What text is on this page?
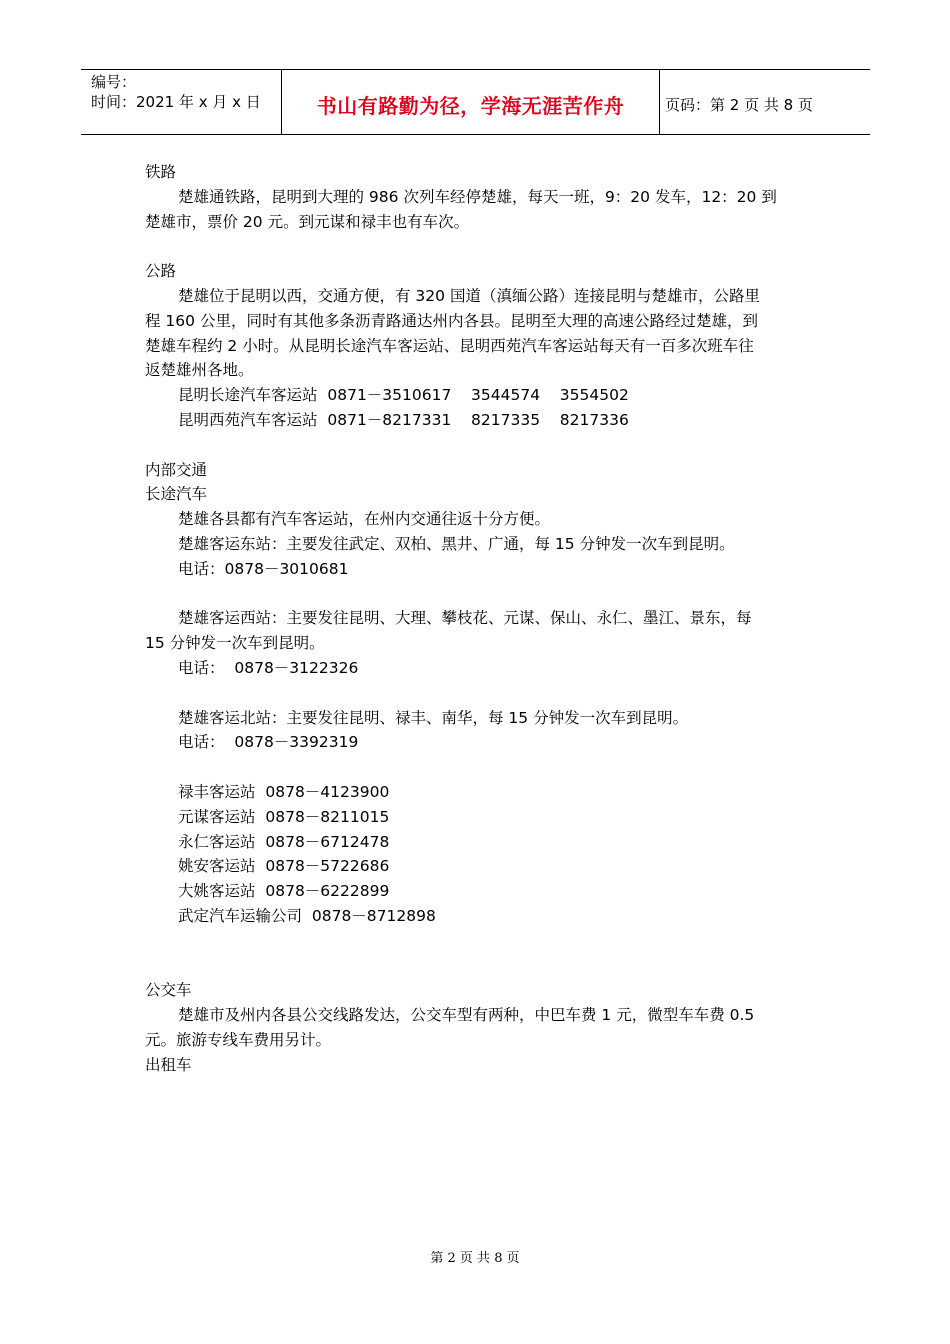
编号：
时间：2021 年 x 月 x 日	书山有路勤为径，学海无涯苦作舟	页码：第 2 页 共 8 页
铁路
楚雄通铁路，昆明到大理的 986 次列车经停楚雄，每天一班，9：20 发车，12：20 到
楚雄市，票价 20 元。到元谋和禄丰也有车次。
公路
楚雄位于昆明以西，交通方便，有 320 国道（滇缅公路）连接昆明与楚雄市，公路里
程 160 公里，同时有其他多条沥青路通达州内各县。昆明至大理的高速公路经过楚雄，到
楚雄车程约 2 小时。从昆明长途汽车客运站、昆明西苑汽车客运站每天有一百多次班车往
返楚雄州各地。
昆明长途汽车客运站  0871－3510617    3544574    3554502
昆明西苑汽车客运站  0871－8217331    8217335    8217336
内部交通
长途汽车
楚雄各县都有汽车客运站，在州内交通往返十分方便。
楚雄客运东站：主要发往武定、双柏、黑井、广通，每 15 分钟发一次车到昆明。
电话：0878－3010681
楚雄客运西站：主要发往昆明、大理、攀枝花、元谋、保山、永仁、墨江、景东，每
15 分钟发一次车到昆明。
电话：  0878－3122326
楚雄客运北站：主要发往昆明、禄丰、南华，每 15 分钟发一次车到昆明。
电话：  0878－3392319
禄丰客运站  0878－4123900
元谋客运站  0878－8211015
永仁客运站  0878－6712478
姚安客运站  0878－5722686
大姚客运站  0878－6222899
武定汽车运输公司  0878－8712898
公交车
楚雄市及州内各县公交线路发达，公交车型有两种，中巴车费 1 元，微型车车费 0.5
元。旅游专线车费用另计。
出租车
第 2 页 共 8 页
